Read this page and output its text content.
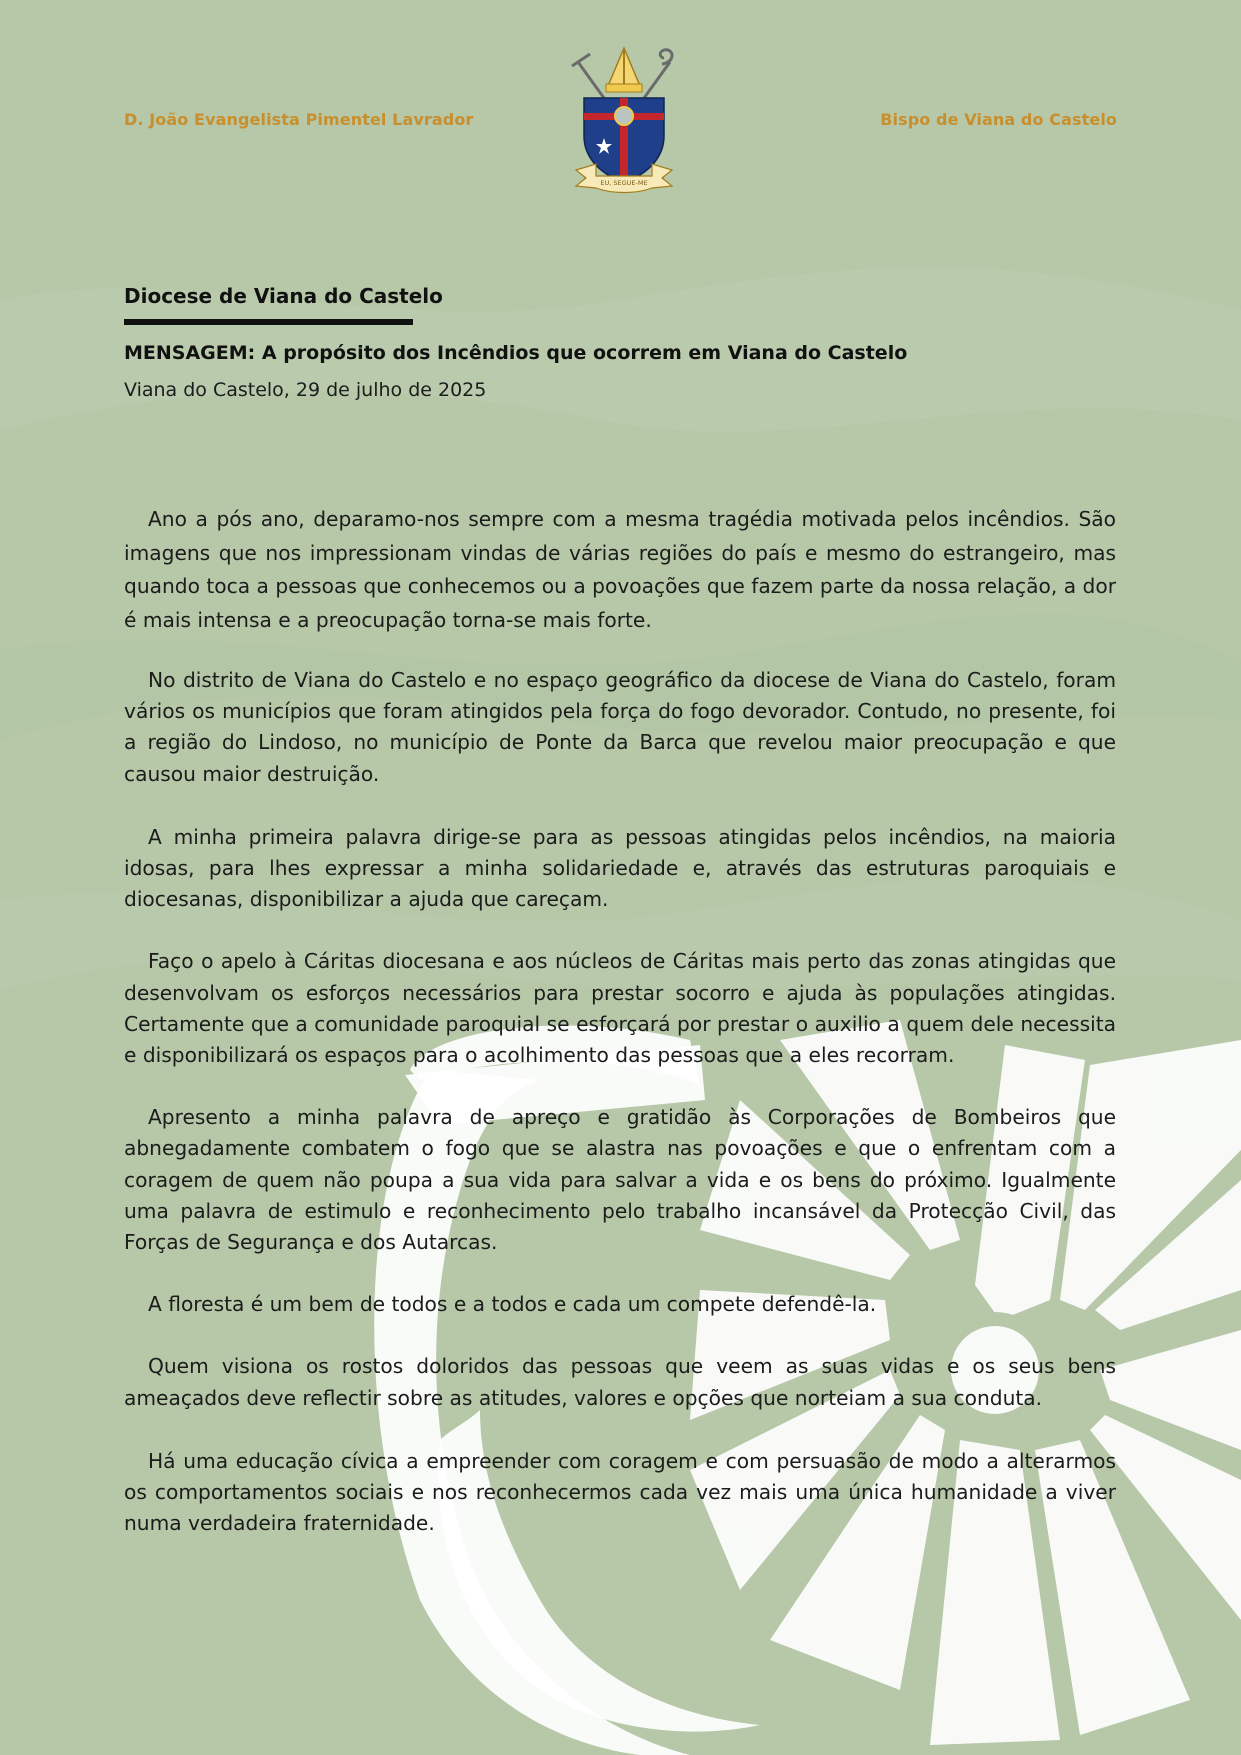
D. João Evangelista Pimentel Lavrador	Bispo de Viana do Castelo
EU, SEGUE-ME
Diocese de Viana do Castelo
MENSAGEM: A propósito dos Incêndios que ocorrem em Viana do Castelo
Viana do Castelo, 29 de julho de 2025

Ano a pós ano, deparamo-nos sempre com a mesma tragédia motivada pelos incêndios. São imagens que nos impressionam vindas de várias regiões do país e mesmo do estrangeiro, mas quando toca a pessoas que conhecemos ou a povoações que fazem parte da nossa relação, a dor é mais intensa e a preocupação torna-se mais forte.

No distrito de Viana do Castelo e no espaço geográfico da diocese de Viana do Castelo, foram vários os municípios que foram atingidos pela força do fogo devorador. Contudo, no presente, foi a região do Lindoso, no município de Ponte da Barca que revelou maior preocupação e que causou maior destruição.

A minha primeira palavra dirige-se para as pessoas atingidas pelos incêndios, na maioria idosas, para lhes expressar a minha solidariedade e, através das estruturas paroquiais e diocesanas, disponibilizar a ajuda que careçam.

Faço o apelo à Cáritas diocesana e aos núcleos de Cáritas mais perto das zonas atingidas que desenvolvam os esforços necessários para prestar socorro e ajuda às populações atingidas. Certamente que a comunidade paroquial se esforçará por prestar o auxilio a quem dele necessita e disponibilizará os espaços para o acolhimento das pessoas que a eles recorram.

Apresento a minha palavra de apreço e gratidão às Corporações de Bombeiros que abnegadamente combatem o fogo que se alastra nas povoações e que o enfrentam com a coragem de quem não poupa a sua vida para salvar a vida e os bens do próximo. Igualmente uma palavra de estimulo e reconhecimento pelo trabalho incansável da Protecção Civil, das Forças de Segurança e dos Autarcas.

A floresta é um bem de todos e a todos e cada um compete defendê-la.

Quem visiona os rostos doloridos das pessoas que veem as suas vidas e os seus bens ameaçados deve reflectir sobre as atitudes, valores e opções que norteiam a sua conduta.

Há uma educação cívica a empreender com coragem e com persuasão de modo a alterarmos os comportamentos sociais e nos reconhecermos cada vez mais uma única humanidade a viver numa verdadeira fraternidade.
